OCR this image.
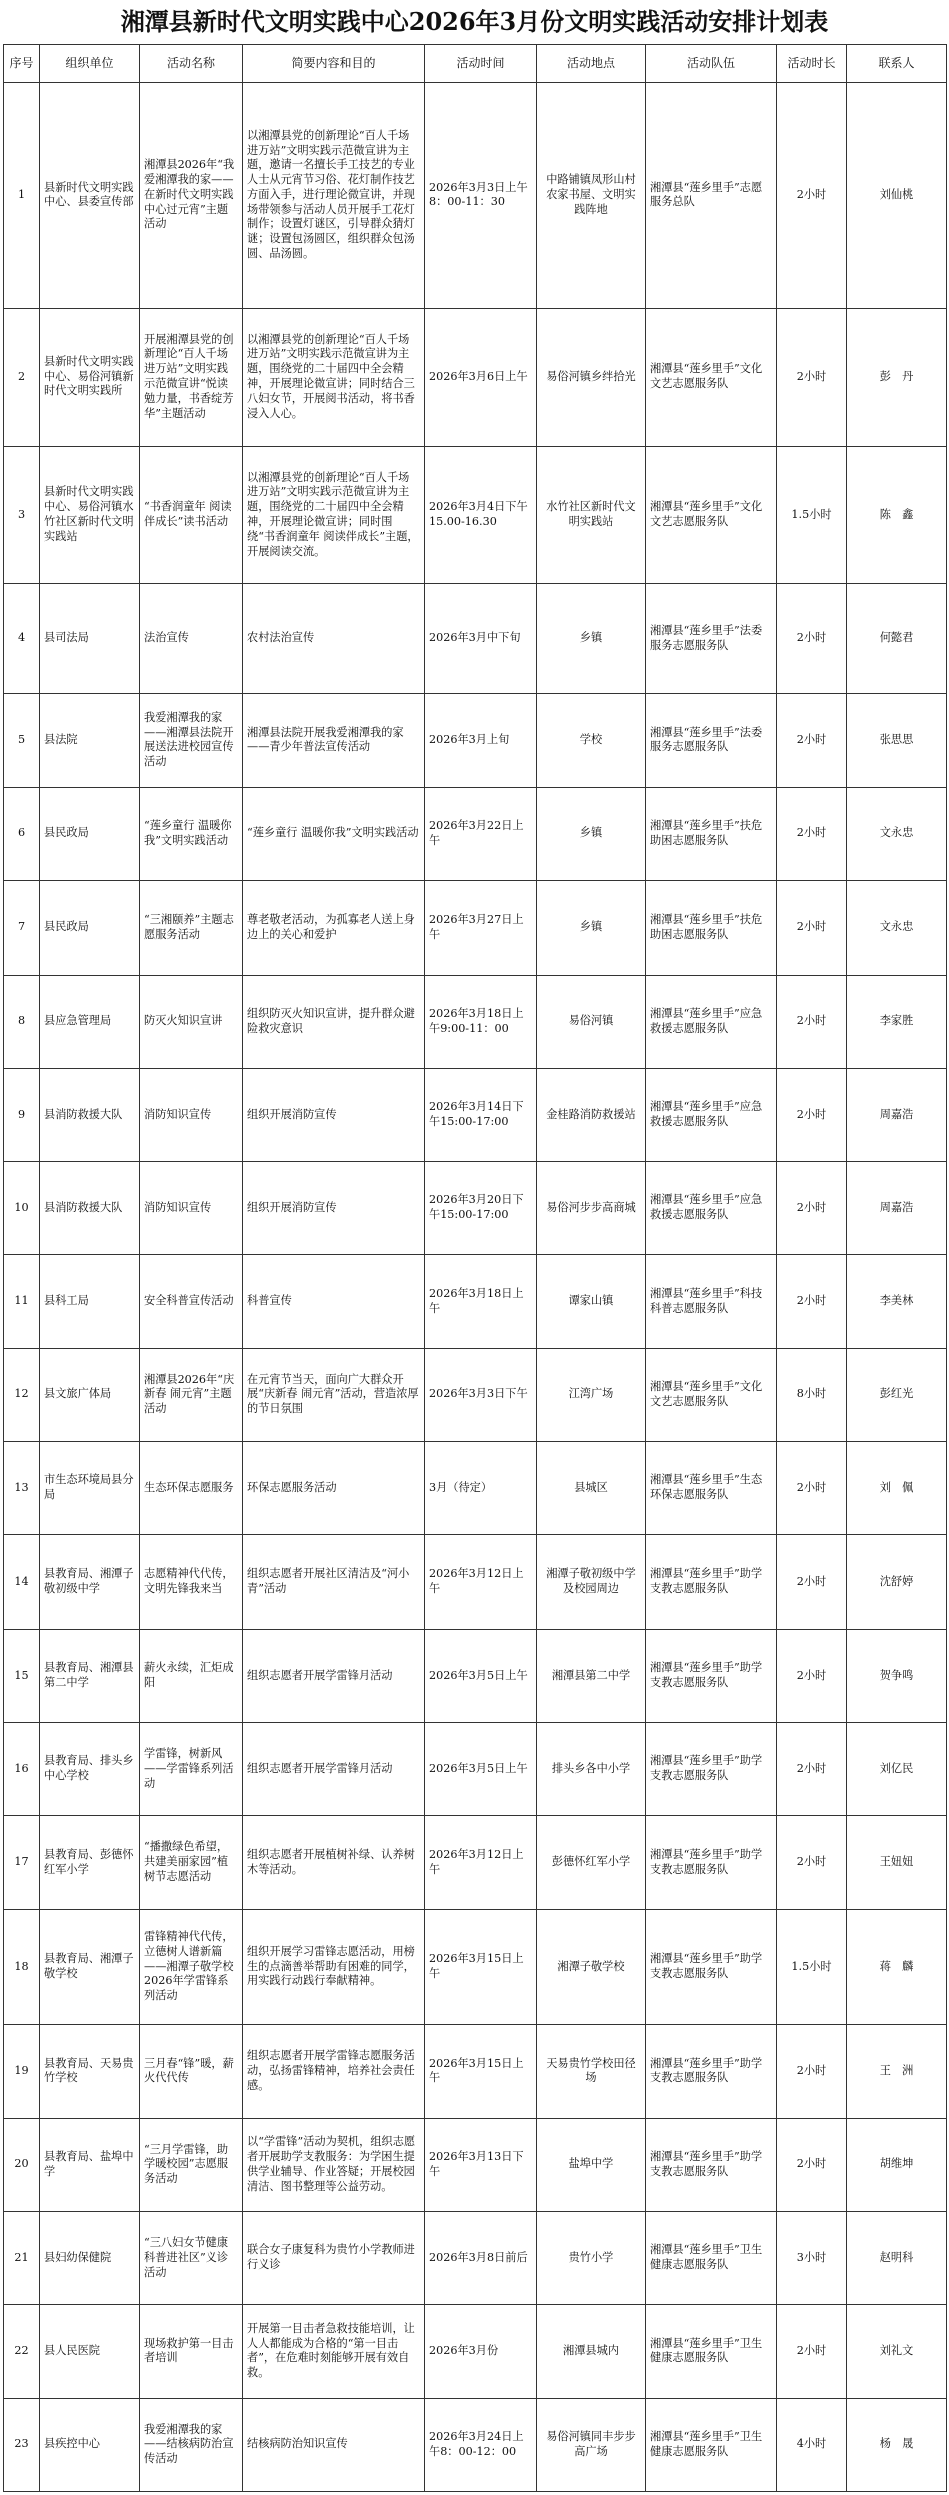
湘潭县新时代文明实践中心2026年3月份文明实践活动安排计划表
序号	组织单位	活动名称	简要内容和目的	活动时间	活动地点	活动队伍	活动时长	联系人
1	县新时代文明实践中心、县委宣传部	湘潭县2026年“我爱湘潭我的家——在新时代文明实践中心过元宵”主题活动	以湘潭县党的创新理论“百人千场进万站”文明实践示范微宣讲为主题，邀请一名擅长手工技艺的专业人士从元宵节习俗、花灯制作技艺方面入手，进行理论微宣讲，并现场带领参与活动人员开展手工花灯制作；设置灯谜区，引导群众猜灯谜；设置包汤圆区，组织群众包汤圆、品汤圆。	2026年3月3日上午8：00-11：30	中路铺镇凤形山村农家书屋、文明实践阵地	湘潭县“莲乡里手”志愿服务总队	2小时	刘仙桃
2	县新时代文明实践中心、易俗河镇新时代文明实践所	开展湘潭县党的创新理论“百人千场进万站”文明实践示范微宣讲“悦读勉力量，书香绽芳华”主题活动	以湘潭县党的创新理论“百人千场进万站”文明实践示范微宣讲为主题，围绕党的二十届四中全会精神，开展理论微宣讲；同时结合三八妇女节，开展阅书活动，将书香浸入人心。	2026年3月6日上午	易俗河镇乡绊拾光	湘潭县“莲乡里手”文化文艺志愿服务队	2小时	彭　丹
3	县新时代文明实践中心、易俗河镇水竹社区新时代文明实践站	“书香润童年 阅读伴成长”读书活动	以湘潭县党的创新理论“百人千场进万站”文明实践示范微宣讲为主题，围绕党的二十届四中全会精神，开展理论微宣讲；同时围绕“书香润童年 阅读伴成长”主题，开展阅读交流。	2026年3月4日下午15.00-16.30	水竹社区新时代文明实践站	湘潭县“莲乡里手”文化文艺志愿服务队	1.5小时	陈　鑫
4	县司法局	法治宣传	农村法治宣传	2026年3月中下旬	乡镇	湘潭县“莲乡里手”法委服务志愿服务队	2小时	何懿君
5	县法院	我爱湘潭我的家——湘潭县法院开展送法进校园宣传活动	湘潭县法院开展我爱湘潭我的家——青少年普法宣传活动	2026年3月上旬	学校	湘潭县“莲乡里手”法委服务志愿服务队	2小时	张思思
6	县民政局	“莲乡童行 温暖你我”文明实践活动	“莲乡童行 温暖你我”文明实践活动	2026年3月22日上午	乡镇	湘潭县“莲乡里手”扶危助困志愿服务队	2小时	文永忠
7	县民政局	“三湘颐养”主题志愿服务活动	尊老敬老活动，为孤寡老人送上身边上的关心和爱护	2026年3月27日上午	乡镇	湘潭县“莲乡里手”扶危助困志愿服务队	2小时	文永忠
8	县应急管理局	防灭火知识宣讲	组织防灭火知识宣讲，提升群众避险救灾意识	2026年3月18日上午9:00-11：00	易俗河镇	湘潭县“莲乡里手”应急救援志愿服务队	2小时	李家胜
9	县消防救援大队	消防知识宣传	组织开展消防宣传	2026年3月14日下午15:00-17:00	金桂路消防救援站	湘潭县“莲乡里手”应急救援志愿服务队	2小时	周嘉浩
10	县消防救援大队	消防知识宣传	组织开展消防宣传	2026年3月20日下午15:00-17:00	易俗河步步高商城	湘潭县“莲乡里手”应急救援志愿服务队	2小时	周嘉浩
11	县科工局	安全科普宣传活动	科普宣传	2026年3月18日上午	谭家山镇	湘潭县“莲乡里手”科技科普志愿服务队	2小时	李美林
12	县文旅广体局	湘潭县2026年“庆新春 闹元宵”主题活动	在元宵节当天，面向广大群众开展“庆新春 闹元宵”活动，营造浓厚的节日氛围	2026年3月3日下午	江湾广场	湘潭县“莲乡里手”文化文艺志愿服务队	8小时	彭红光
13	市生态环境局县分局	生态环保志愿服务	环保志愿服务活动	3月（待定）	县城区	湘潭县“莲乡里手”生态环保志愿服务队	2小时	刘　佩
14	县教育局、湘潭子敬初级中学	志愿精神代代传，文明先锋我来当	组织志愿者开展社区清洁及“河小青”活动	2026年3月12日上午	湘潭子敬初级中学及校园周边	湘潭县“莲乡里手”助学支教志愿服务队	2小时	沈舒婷
15	县教育局、湘潭县第二中学	薪火永续，汇炬成阳	组织志愿者开展学雷锋月活动	2026年3月5日上午	湘潭县第二中学	湘潭县“莲乡里手”助学支教志愿服务队	2小时	贺争鸣
16	县教育局、排头乡中心学校	学雷锋，树新风——学雷锋系列活动	组织志愿者开展学雷锋月活动	2026年3月5日上午	排头乡各中小学	湘潭县“莲乡里手”助学支教志愿服务队	2小时	刘亿民
17	县教育局、彭德怀红军小学	“播撒绿色希望，共建美丽家园”植树节志愿活动	组织志愿者开展植树补绿、认养树木等活动。	2026年3月12日上午	彭德怀红军小学	湘潭县“莲乡里手”助学支教志愿服务队	2小时	王妞妞
18	县教育局、湘潭子敬学校	雷锋精神代代传，立德树人谱新篇——湘潭子敬学校2026年学雷锋系列活动	组织开展学习雷锋志愿活动，用榜生的点滴善举帮助有困难的同学，用实践行动践行奉献精神。	2026年3月15日上午	湘潭子敬学校	湘潭县“莲乡里手”助学支教志愿服务队	1.5小时	蒋　麟
19	县教育局、天易贵竹学校	三月春“锋”暖，薪火代代传	组织志愿者开展学雷锋志愿服务活动，弘扬雷锋精神，培养社会责任感。	2026年3月15日上午	天易贵竹学校田径场	湘潭县“莲乡里手”助学支教志愿服务队	2小时	王　洲
20	县教育局、盐埠中学	“三月学雷锋，助学暖校园”志愿服务活动	以“学雷锋”活动为契机，组织志愿者开展助学支教服务：为学困生提供学业辅导、作业答疑；开展校园清洁、图书整理等公益劳动。	2026年3月13日下午	盐埠中学	湘潭县“莲乡里手”助学支教志愿服务队	2小时	胡维坤
21	县妇幼保健院	“三八妇女节健康科普进社区”义诊活动	联合女子康复科为贵竹小学教师进行义诊	2026年3月8日前后	贵竹小学	湘潭县“莲乡里手”卫生健康志愿服务队	3小时	赵明科
22	县人民医院	现场救护第一目击者培训	开展第一目击者急救技能培训，让人人都能成为合格的“第一目击者”，在危难时刻能够开展有效自救。	2026年3月份	湘潭县城内	湘潭县“莲乡里手”卫生健康志愿服务队	2小时	刘礼文
23	县疾控中心	我爱湘潭我的家——结核病防治宣传活动	结核病防治知识宣传	2026年3月24日上午8：00-12：00	易俗河镇同丰步步高广场	湘潭县“莲乡里手”卫生健康志愿服务队	4小时	杨　晟
